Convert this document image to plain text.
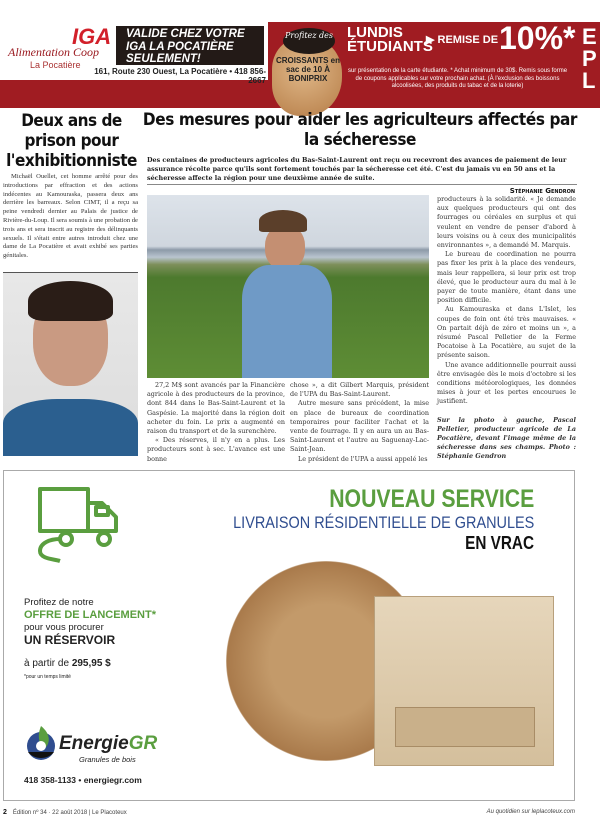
IGA
Alimentation Coop
La Pocatière
VALIDE CHEZ VOTRE IGA LA POCATIÈRE SEULEMENT!
161, Route 230 Ouest, La Pocatière • 418 856-2667
Profitez des
CROISSANTS en sac de 10 À BONIPRIX
LUNDIS ÉTUDIANTS
▶ REMISE DE 10%*
sur présentation de la carte étudiante. * Achat minimum de 30$. Remis sous forme de coupons applicables sur votre prochain achat. (À l'exclusion des boissons alcoolisées, des produits du tabac et de la loterie)
E PL
Deux ans de prison pour l'exhibitionniste

Michaël Ouellet, cet homme arrêté pour des introductions par effraction et des actions indécentes au Kamouraska, passera deux ans derrière les barreaux. Selon CIMT, il a reçu sa peine vendredi dernier au Palais de justice de Rivière-du-Loup. Il sera soumis à une probation de trois ans et sera inscrit au registre des délinquants sexuels. Il s'était entre autres introduit chez une dame de La Pocatière et avait exhibé ses parties génitales.

Des mesures pour aider les agriculteurs affectés par la sécheresse
Des centaines de producteurs agricoles du Bas-Saint-Laurent ont reçu ou recevront des avances de paiement de leur assurance récolte parce qu'ils sont fortement touchés par la sécheresse cet été. C'est du jamais vu en 50 ans et la sécheresse affecte la région pour une deuxième année de suite.
Stéphanie Gendron

27,2 M$ sont avancés par la Financière agricole à des producteurs de la province, dont 844 dans le Bas-Saint-Laurent et la Gaspésie. La majorité dans la région doit acheter du foin. Le prix a augmenté en raison du transport et de la surenchère.

« Des réserves, il n'y en a plus. Les producteurs sont à sec. L'avance est une bonne

chose », a dit Gilbert Marquis, président de l'UPA du Bas-Saint-Laurent.

Autre mesure sans précédent, la mise en place de bureaux de coordination temporaires pour faciliter l'achat et la vente de fourrage. Il y en aura un au Bas-Saint-Laurent et l'autre au Saguenay-Lac-Saint-Jean.

Le président de l'UPA a aussi appelé les

producteurs à la solidarité. « Je demande aux quelques producteurs qui ont des fourrages ou céréales en surplus et qui veulent en vendre de penser d'abord à leurs voisins ou à ceux des municipalités environnantes », a demandé M. Marquis.

Le bureau de coordination ne pourra pas fixer les prix à la place des vendeurs, mais leur rappellera, si leur prix est trop élevé, que le producteur aura du mal à le payer de toute manière, étant dans une position difficile.

Au Kamouraska et dans L'Islet, les coupes de foin ont été très mauvaises. « On partait déjà de zéro et moins un », a résumé Pascal Pelletier de la Ferme Pocatoise à La Pocatière, au sujet de la présente saison.

Une avance additionnelle pourrait aussi être envisagée dès le mois d'octobre si les conditions météorologiques, les données mises à jour et les pertes encourues le justifient.

Sur la photo à gauche, Pascal Pelletier, producteur agricole de La Pocatière, devant l'image même de la sécheresse dans ses champs. Photo : Stéphanie Gendron

NOUVEAU SERVICE
LIVRAISON RÉSIDENTIELLE DE GRANULES
EN VRAC
Profitez de notre
OFFRE DE LANCEMENT*
pour vous procurer
UN RÉSERVOIR
à partir de 295,95 $
*pour un temps limité
EnergieGR
Granules de bois
418 358-1133 • energiegr.com
2 Édition nº 34 · 22 août 2018 | Le Placoteux	Au quotidien sur leplacoteux.com
